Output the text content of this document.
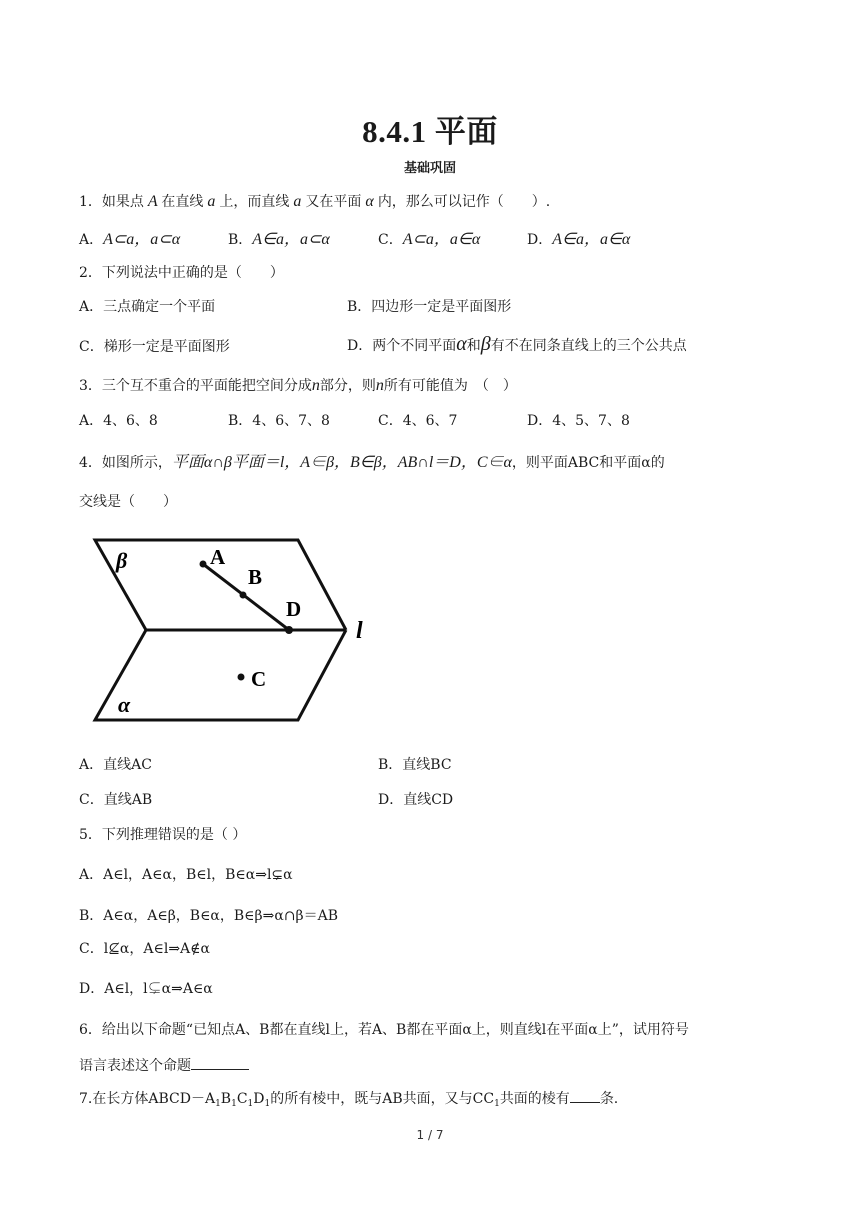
8.4.1 平面
基础巩固
1．如果点 A 在直线 a 上，而直线 a 又在平面 α 内，那么可以记作（　　）.
A．A⊂a，a⊂α	B．A∈a，a⊂α	C．A⊂a，a∈α	D．A∈a，a∈α
2．下列说法中正确的是（　　）
A．三点确定一个平面	B．四边形一定是平面图形
C．梯形一定是平面图形	D．两个不同平面α和β有不在同条直线上的三个公共点
3．三个互不重合的平面能把空间分成n部分，则n所有可能值为　（　）
A．4、6、8	B．4、6、7、8	C．4、6、7	D．4、5、7、8
4．如图所示，平面α∩β平面＝l，A∈β，B∈β，AB∩l＝D，C∈α，则平面ABC和平面α的
交线是（　　）
β
α
l
A
B
D
C
A．直线AC	B．直线BC
C．直线AB	D．直线CD
5．下列推理错误的是（ ）
A．A∈l，A∈α，B∈l，B∈α⇒l⊊α
B．A∈α，A∈β，B∈α，B∈β⇒α∩β＝AB
C．l⊈α，A∈l⇒A∉α
D．A∈l，l⊊α⇒A∈α
6．给出以下命题“已知点A、B都在直线l上，若A、B都在平面α上，则直线l在平面α上”，试用符号
语言表述这个命题
7.在长方体$ABCD-A_1B_1C_1D_1$的所有棱中，既与AB共面，又与$CC_1$共面的棱有 条.
1 / 7
